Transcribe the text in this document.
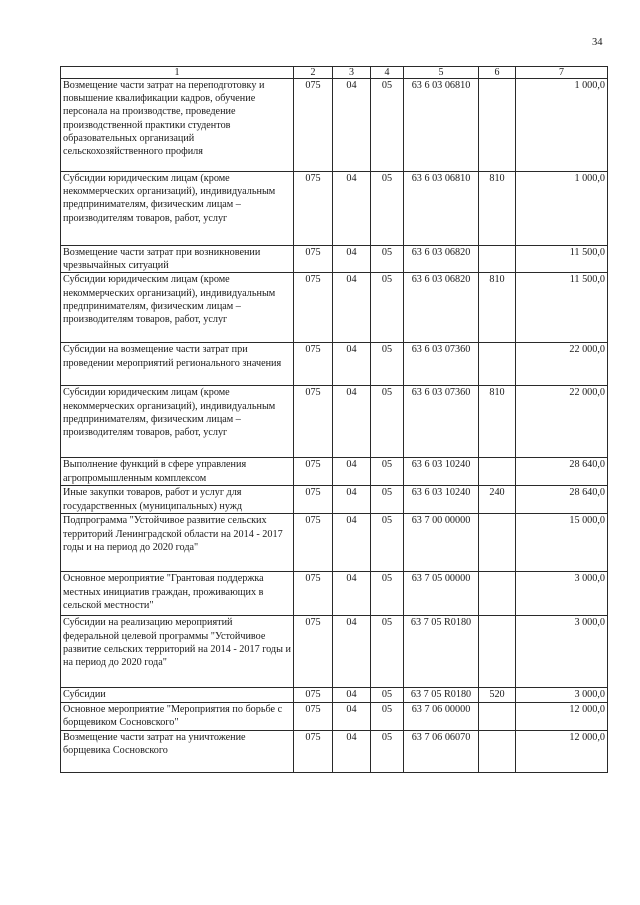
34
1	2	3	4	5	6	7
Возмещение части затрат на переподготовку и повышение квалификации кадров, обучение персонала на производстве, проведение производственной практики студентов образовательных организаций сельскохозяйственного профиля	075	04	05	63 6 03 06810		1 000,0
Субсидии юридическим лицам (кроме некоммерческих организаций), индивидуальным предпринимателям, физическим лицам – производителям товаров, работ, услуг	075	04	05	63 6 03 06810	810	1 000,0
Возмещение части затрат при возникновении чрезвычайных ситуаций	075	04	05	63 6 03 06820		11 500,0
Субсидии юридическим лицам (кроме некоммерческих организаций), индивидуальным предпринимателям, физическим лицам – производителям товаров, работ, услуг	075	04	05	63 6 03 06820	810	11 500,0
Субсидии на возмещение части затрат при проведении мероприятий регионального значения	075	04	05	63 6 03 07360		22 000,0
Субсидии юридическим лицам (кроме некоммерческих организаций), индивидуальным предпринимателям, физическим лицам – производителям товаров, работ, услуг	075	04	05	63 6 03 07360	810	22 000,0
Выполнение функций в сфере управления агропромышленным комплексом	075	04	05	63 6 03 10240		28 640,0
Иные закупки товаров, работ и услуг для государственных (муниципальных) нужд	075	04	05	63 6 03 10240	240	28 640,0
Подпрограмма "Устойчивое развитие сельских территорий Ленинградской области на 2014 - 2017 годы и на период до 2020 года"	075	04	05	63 7 00 00000		15 000,0
Основное мероприятие "Грантовая поддержка местных инициатив граждан, проживающих в сельской местности"	075	04	05	63 7 05 00000		3 000,0
Субсидии на реализацию мероприятий федеральной целевой программы "Устойчивое развитие сельских территорий на 2014 - 2017 годы и на период до 2020 года"	075	04	05	63 7 05 R0180		3 000,0
Субсидии	075	04	05	63 7 05 R0180	520	3 000,0
Основное мероприятие "Мероприятия по борьбе с борщевиком Сосновского"	075	04	05	63 7 06 00000		12 000,0
Возмещение части затрат на уничтожение борщевика Сосновского	075	04	05	63 7 06 06070		12 000,0
